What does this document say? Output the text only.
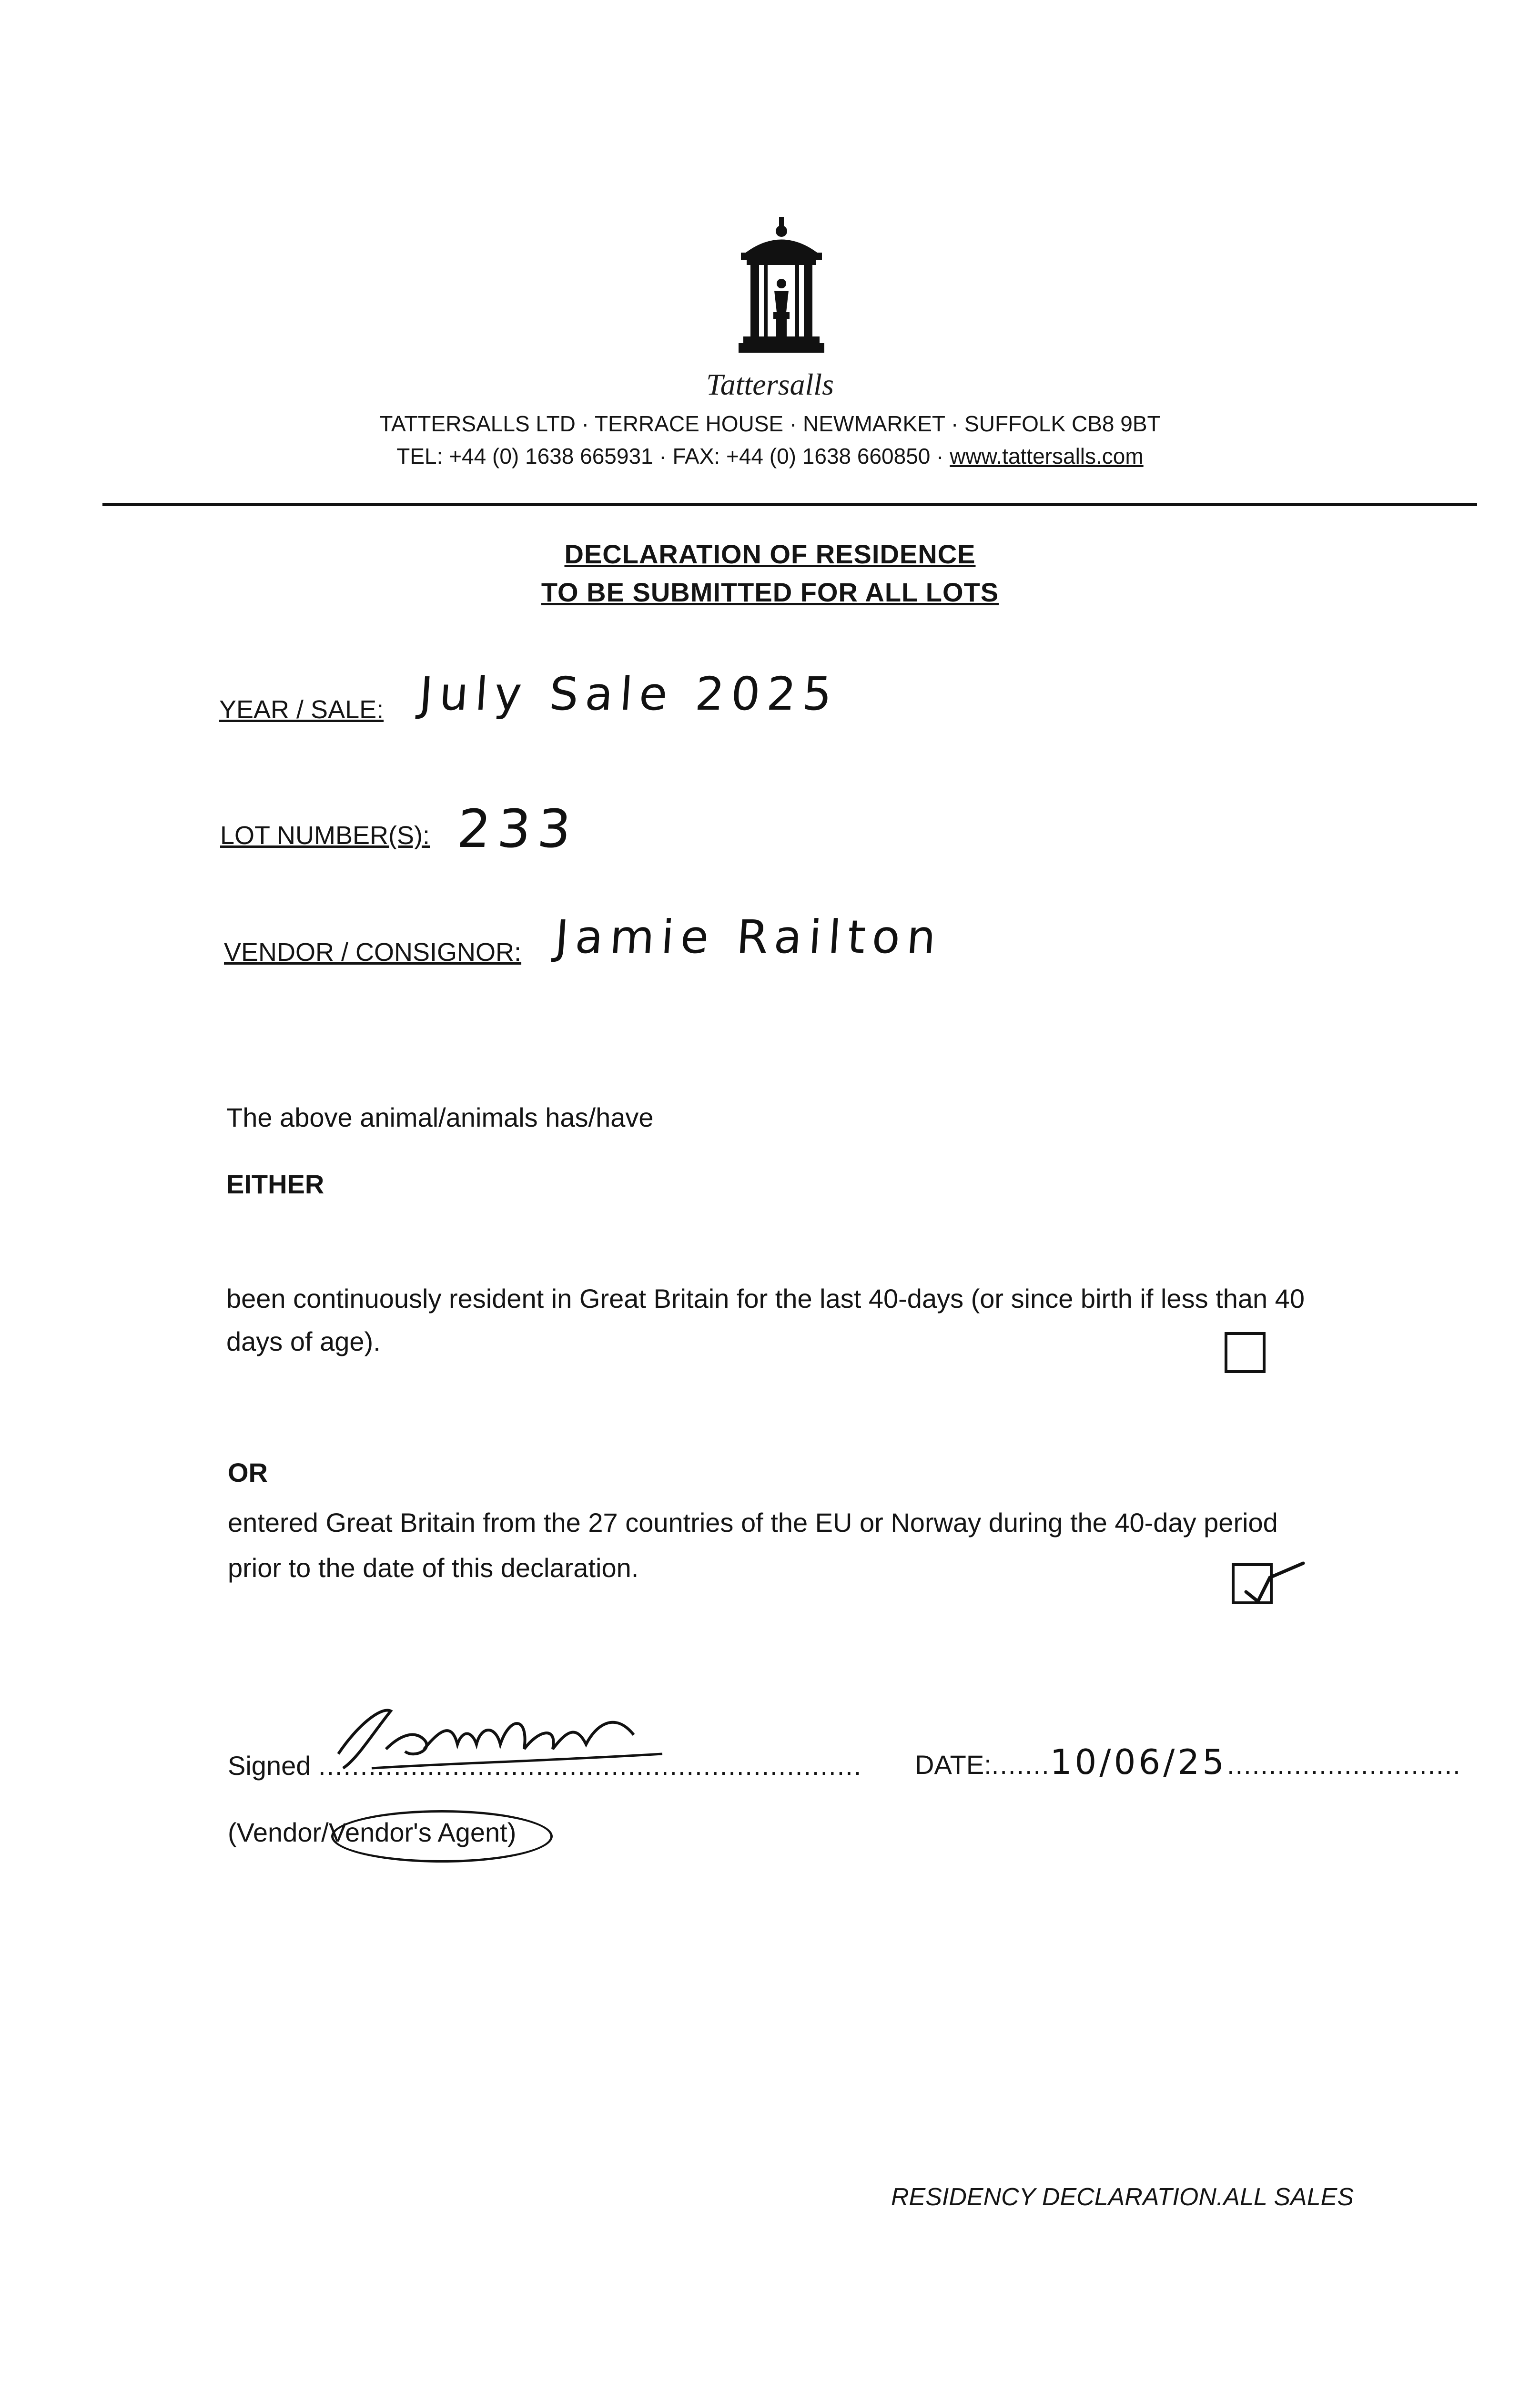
Tattersalls
TATTERSALLS LTD · TERRACE HOUSE · NEWMARKET · SUFFOLK CB8 9BT
TEL: +44 (0) 1638 665931 · FAX: +44 (0) 1638 660850 · www.tattersalls.com
DECLARATION OF RESIDENCE
TO BE SUBMITTED FOR ALL LOTS
YEAR / SALE: July Sale 2025
LOT NUMBER(S): 233
VENDOR / CONSIGNOR: Jamie Railton
The above animal/animals has/have
EITHER
been continuously resident in Great Britain for the last 40-days (or since birth if less than 40
days of age).
OR
entered Great Britain from the 27 countries of the EU or Norway during the 40-day period
prior to the date of this declaration.
Signed ................................................................. DATE:.......10/06/25............................
(Vendor/Vendor's Agent)
RESIDENCY DECLARATION.ALL SALES
